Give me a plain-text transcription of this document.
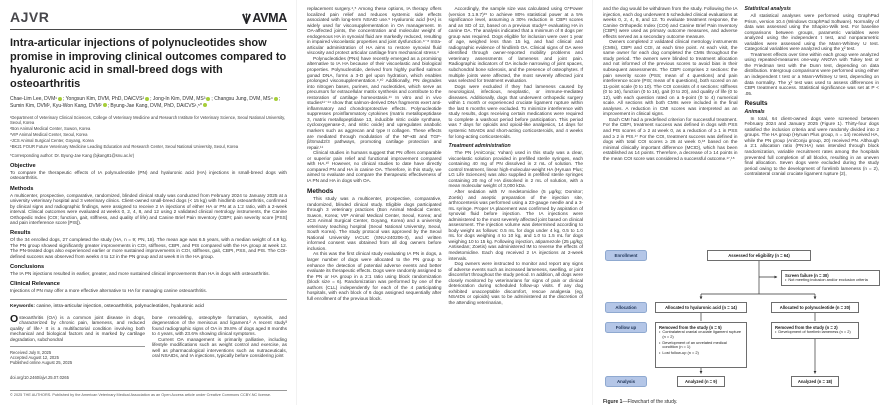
AJVR	AVMA
Intra-articular injections of polynucleotides show promise in improving clinical outcomes compared to hyaluronic acid in small-breed dogs with osteoarthritis

Chae-Lim Lee, DVM¹ ; Yongsun Kim, DVM, PhD, DAiCVS² ; Jong-In Kim, DVM, MS³ ; Changsu Jung, DVM, MS⁴ ; Sumin Kim, DVM², Kyu-Won Kang, DVM² ; Byung-Jae Kang, DVM, PhD, DAiCVS¹,⁵*

¹Department of Veterinary Clinical Sciences, College of Veterinary Medicine and Research Institute for Veterinary Science, Seoul National University, Seoul, Korea
²Bon Animal Medical Center, Suwon, Korea
³VIP Animal Medical Center, Seoul, Korea
⁴JCS Animal Surgical Center, Goyang, Korea
⁵BK21 FOUR Future Veterinary Medicine Leading Education and Research Center, Seoul National University, Seoul, Korea
*Corresponding author: Dr. Byung-Jae Kang (bjkang81@snu.ac.kr)
Objective

To compare the therapeutic effects of IA polynucleotide (PN) and hyaluronic acid (HA) injections in small-breed dogs with osteoarthritis.

Methods

A multicenter, prospective, comparative, randomized, blinded clinical study was conducted from February 2024 to January 2025 at a university veterinary hospital and 3 veterinary clinics. Client-owned small-breed dogs (< 15 kg) with hindlimb osteoarthritis, confirmed by clinical signs and radiographic findings, were assigned to receive 2 IA injections of either HA or PN at a 1:2 ratio, with a 2-week interval. Clinical outcomes were evaluated at weeks 0, 2, 4, 8, and 12 using 2 validated clinical metrology instruments, the Canine Orthopedic Index (COI; function, gait, stiffness, and quality of life) and Canine Brief Pain Inventory (CBPI; pain severity score [PSS] and pain interference score [PIS]).

Results

Of the 34 enrolled dogs, 27 completed the study (HA, n = 9; PN, 18). The mean age was 6.5 years, with a median weight of 4.8 kg. The PN group showed significantly greater improvements in COI, stiffness, CBPI, and PIS compared with the HA group at week 12. The PN-treated dogs also experienced earlier or more sustained improvements in COI, stiffness, gait, CBPI, PSS, and PIS. The COI-defined success was observed from weeks 4 to 12 in the PN group and at week 8 in the HA group.

Conclusions

The IA PN injections resulted in earlier, greater, and more sustained clinical improvements than HA in dogs with osteoarthritis.

Clinical Relevance

Injections of PN may offer a more effective alternative to HA for managing canine osteoarthritis.

Keywords: canine, intra-articular injection, osteoarthritis, polynucleotides, hyaluronic acid

Osteoarthritis (OA) is a common joint disease in dogs, characterized by chronic pain, lameness, and reduced quality of life.¹ It is a multifactorial condition involving both mechanical and biological factors and is marked by cartilage degradation, subchondral

Received July 8, 2025
Accepted August 12, 2025
Published online August 25, 2025
doi.org/10.2460/ajvr.25.07.0265

bone remodeling, osteophyte formation, synovitis, and degeneration of the meniscus and ligament.² A recent study³ found radiographic signs of OA in 39.8% of dogs aged 8 months to 4 years, with 23.6% showing clinical symptoms.

Current OA management is primarily palliative, including lifestyle modifications such as weight control and exercise, as well as pharmacological interventions such as nutraceuticals, oral NSAIDs, and IA injections, typically before considering joint

© 2025 THE AUTHORS. Published by the American Veterinary Medical Association as an Open Access article under Creative Commons CCBY-NC license.

replacement surgery.⁴,⁵ Among these options, IA therapy offers localized pain relief and reduces systemic side effects associated with long-term NSAID use.⁵ Hyaluronic acid (HA) is widely used for viscosupplementation in OA management. In OA-affected joints, the concentration and molecular weight of endogenous HA in synovial fluid are markedly reduced, resulting in impaired viscoelastic properties and joint dysfunction.⁶⁻⁸ Intra-articular administration of HA aims to restore synovial fluid viscosity and protect articular cartilage from mechanical stress.⁶

Polynucleotides (PNs) have recently emerged as a promising alternative to IA HA because of their viscoelastic and biological properties. Polynucleotide, derived from highly purified salmon gonad DNA, forms a 3-D gel upon hydration, which enables prolonged viscosupplementation.⁹,¹⁰ Additionally, PN degrades into nitrogen bases, purines, and nucleotides, which serve as precursors for extracellular matrix synthesis and contribute to the restoration of cartilage homeostasis.¹¹ In vitro and in vivo studies¹¹⁻¹⁴ show that salmon-derived DNA fragments exert anti-inflammatory and chondroprotective effects. Polynucleotide suppresses proinflammatory cytokines (matrix metallopeptidase 3, matrix metallopeptidase 13, inducible nitric oxide synthase, cyclooxygenase-2, and nitric oxide) and upregulates anabolic markers such as aggrecan and type II collagen. These effects are mediated through modulation of the NF-κB and TGF-β/Smad2/3 pathways, promoting cartilage protection and repair.¹¹

Clinical studies in humans suggest that PN offers comparable or superior pain relief and functional improvement compared with HA.¹⁰ However, no clinical studies to date have directly compared PN and HA in canine OA. Therefore, in this study, we aimed to evaluate and compare the therapeutic effectiveness of IA PN and HA in dogs with OA.

Methods

This study was a multicenter, prospective, comparative, randomized, blinded clinical study. Eligible dogs participated through 3 veterinary practices (Bon Animal Medical Center, Suwon, Korea; VIP Animal Medical Center, Seoul, Korea; and JCS Animal Surgical Center, Goyang, Korea) and a university veterinary teaching hospital (Seoul National University, Seoul, South Korea). The study protocol was approved by the Seoul National University IACUC (SNU-240206-3), and written informed consent was obtained from all dog owners before inclusion.

As this was the first clinical study evaluating IA PN in dogs, a larger number of dogs were allocated to the PN group to enhance the detection of potential adverse events and better evaluate its therapeutic effects. Dogs were randomly assigned to the PN or HA group in a 2:1 ratio using block randomization (block size = 6). Randomization was performed by one of the authors (CLL) independently for each of the 4 participating hospitals, with each block of 6 dogs assigned sequentially after full enrollment of the previous block.

Accordingly, the sample size was calculated using G*Power (version 3.1.9.7)¹⁵ to achieve 80% statistical power at a 5% significance level, assuming a 30% reduction in CBPI scores and an SD of 12, based on a previous study¹⁶ evaluating HA in canine OA. The analysis indicated that a minimum of 8 dogs per group was required. Dogs eligible for inclusion were over 1 year of age, weighed less than 15 kg, and had clinical and radiographic evidence of hindlimb OA. Clinical signs of OA were identified through owner-reported mobility problems and veterinary assessments of lameness and joint pain. Radiographic indicators of OA include narrowing of joint spaces, subchondral bone sclerosis, and the presence of osteophytes. If multiple joints were affected, the most severely affected joint was selected for treatment evaluation.

Dogs were excluded if they had lameness caused by neurological, infectious, neoplastic, or immune-mediated diseases. Additionally, dogs that underwent orthopedic surgery within 1 month or experienced cruciate ligament rupture within the last 6 months were excluded. To minimize interference with study results, dogs receiving certain medications were required to complete a washout period before participation. This period was 7 days for opioids and opioid-like analgesics, 14 days for systemic NSAIDs and short-acting corticosteroids, and 4 weeks for long-acting corticosteroids.

Treatment administration

The PN (AniConju; Yuhan) used in this study was a clear, viscoelastic solution provided in prefilled sterile syringes, each containing 40 mg of PN dissolved in 2 mL of solution. The control treatment, linear high-molecular-weight HA (Hyruan Plus; LG Life Sciences) was also supplied in prefilled sterile syringes containing 20 mg of HA dissolved in 2 mL of solution, with a mean molecular weight of 3,000 kDa.

After sedation with IV medetomidine (5 μg/kg; Domitor; Zoetis) and aseptic preparation of the injection site, arthrocentesis was performed using a 23-gauge needle and a 3-mL syringe. Proper IA placement was confirmed by aspiration of synovial fluid before injection. The IA injections were administered to the most severely affected joint based on clinical assessment. The injection volume was determined according to body weight as follows: 0.5 mL for dogs under 4 kg, 0.5 to 1.0 mL for dogs weighing 4 to 10 kg, and 1.0 to 1.5 mL for dogs weighing 10 to 15 kg. Following injection, atipamezole (25 μg/kg; Antisedan; Zoetis) was administered IM to reverse the effects of medetomidine. Each dog received 2 IA injections at 2-week intervals.

Dog owners were instructed to monitor and report any signs of adverse events such as increased lameness, swelling, or joint discomfort throughout the study period. In addition, all dogs were closely monitored by veterinarians for signs of pain or clinical deterioration during scheduled follow-up visits. If any dog exhibited unacceptable discomfort, rescue analgesia (eg, NSAIDs or opioids) was to be administered at the discretion of the attending veterinarian,

and the dog would be withdrawn from the study. Following the IA injection, each dog underwent 5 scheduled clinical evaluations at weeks 0, 2, 4, 8, and 12. To evaluate treatment response, the Canine Orthopedic Index (COI) and Canine Brief Pain Inventory (CBPI) were used as primary outcome measures, and adverse effects served as a secondary outcome measure.

Owners completed 2 validated clinical metrology instruments (CMIs), CBPI and COI, at each time point. At each visit, the same owner for each dog completed the CMIs throughout the study period. The owners were blinded to treatment allocation and not informed of the previous scores to avoid bias in their subsequent assessments. The CBPI comprises 2 sections: the pain severity score (PSS; mean of 4 questions) and pain interference score (PIS; mean of 6 questions), both scored on an 11-point scale (0 to 10). The COI consists of 4 sections: stiffness (0 to 16), function (0 to 16), gait (0 to 20), and quality of life (0 to 12), with each question rated on a 5-point (0 to 4) numerical scale. All sections with both CMIs were included in the final analyses. A reduction in CMI scores was interpreted as an improvement in clinical signs.

Each CMI had a predefined criterion for successful treatment. For the CBPI, treatment success was defined in dogs with PSS and PIS scores of ≥ 2 at week 0, as a reduction of ≥ 1 in PSS and ≥ 2 in PIS.¹⁷ For the COI, treatment success was defined in dogs with total COI scores ≥ 26 at week 0,¹⁸ based on the minimal clinically important difference (MCID), which has been established as 14 points. Therefore, a decrease of ≥ 14 points in the mean COI score was considered a successful outcome.¹⁷,¹⁸

Statistical analysis

All statistical analyses were performed using GraphPad Prism, version 10.4 (Windows GraphPad Software). Normality of data was assessed using the Shapiro-Wilk test. For baseline comparisons between groups, parametric variables were analyzed using the independent t test, and nonparametric variables were assessed using the Mann-Whitney U test. Categorical variables were analyzed using the χ² test.

Treatment effects over time within each group were analyzed using repeated-measures one-way ANOVA with Tukey test or the Friedman test with the Dunn test, depending on data distribution. Intergroup comparisons were performed using either an independent t test or a Mann-Whitney U test, depending on data normality. The χ² test was used to assess differences in CBPI treatment success. Statistical significance was set at P < .05.

Results
Animals

In total, 64 client-owned dogs were screened between February 2024 and January 2025 (Figure 1). Thirty-four dogs satisfied the inclusion criteria and were randomly divided into 2 groups. The HA group (Hyruan Plus group, n = 14) received HA, while the PN group (AniConju group, 20) received PN. Although a 2:1 allocation ratio (PN:HA) was intended through block randomization, variable recruitment rates among the hospitals prevented full completion of all blocks, resulting in an uneven final allocation. Seven dogs were excluded during the study period owing to the development of forelimb lameness (n = 2), contralateral cranial cruciate ligament rupture (2),

Enrollment
Allocation
Follow up
Analysis
Assessed for eligibility (n = 64)
Screen failure (n = 30)
• Not meeting inclusion and/or exclusion criteria
Allocated to hyaluronic acid (n = 14)	Allocated to polynucleotide (n = 20)
Removed from the study (n = 5)
• Contralateral cranial cruciate ligament rupture (n = 2)
• Development of an unrelated medical condition (n = 1)
• Lost follow-up (n = 2)
Removed from the study (n = 2)
• Development of forelimb lameness (n = 2)
Analyzed (n = 9)	Analyzed (n = 18)
Figure 1—Flowchart of the study.
